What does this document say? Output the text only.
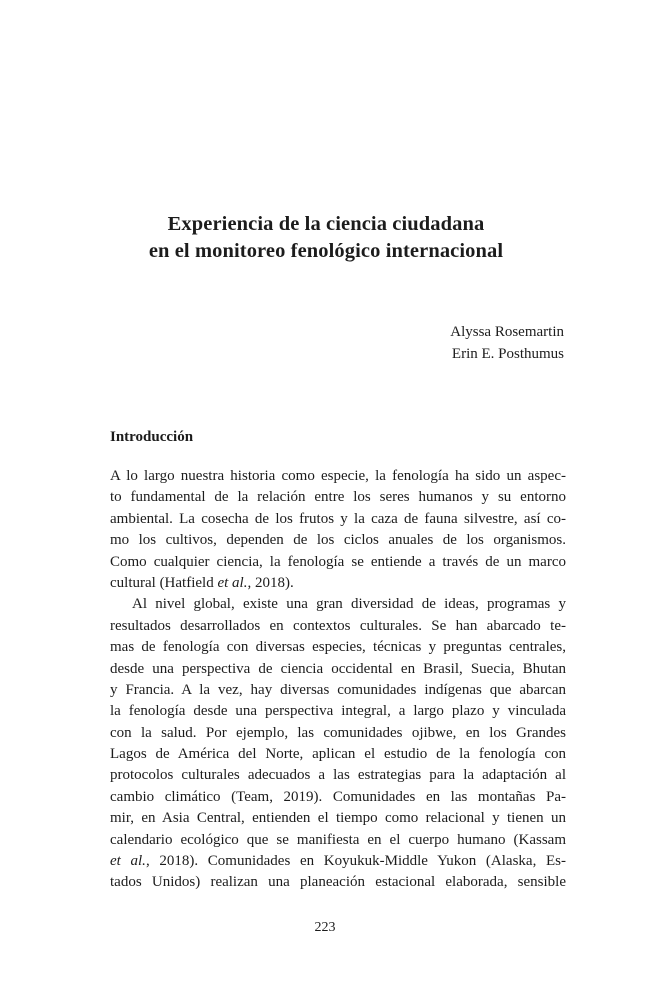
Experiencia de la ciencia ciudadana
en el monitoreo fenológico internacional
Alyssa Rosemartin
Erin E. Posthumus
Introducción
A lo largo nuestra historia como especie, la fenología ha sido un aspec-
to fundamental de la relación entre los seres humanos y su entorno
ambiental. La cosecha de los frutos y la caza de fauna silvestre, así co-
mo los cultivos, dependen de los ciclos anuales de los organismos.
Como cualquier ciencia, la fenología se entiende a través de un marco
cultural (Hatfield et al., 2018).
Al nivel global, existe una gran diversidad de ideas, programas y
resultados desarrollados en contextos culturales. Se han abarcado te-
mas de fenología con diversas especies, técnicas y preguntas centrales,
desde una perspectiva de ciencia occidental en Brasil, Suecia, Bhutan
y Francia. A la vez, hay diversas comunidades indígenas que abarcan
la fenología desde una perspectiva integral, a largo plazo y vinculada
con la salud. Por ejemplo, las comunidades ojibwe, en los Grandes
Lagos de América del Norte, aplican el estudio de la fenología con
protocolos culturales adecuados a las estrategias para la adaptación al
cambio climático (Team, 2019). Comunidades en las montañas Pa-
mir, en Asia Central, entienden el tiempo como relacional y tienen un
calendario ecológico que se manifiesta en el cuerpo humano (Kassam
et al., 2018). Comunidades en Koyukuk-Middle Yukon (Alaska, Es-
tados Unidos) realizan una planeación estacional elaborada, sensible
223
